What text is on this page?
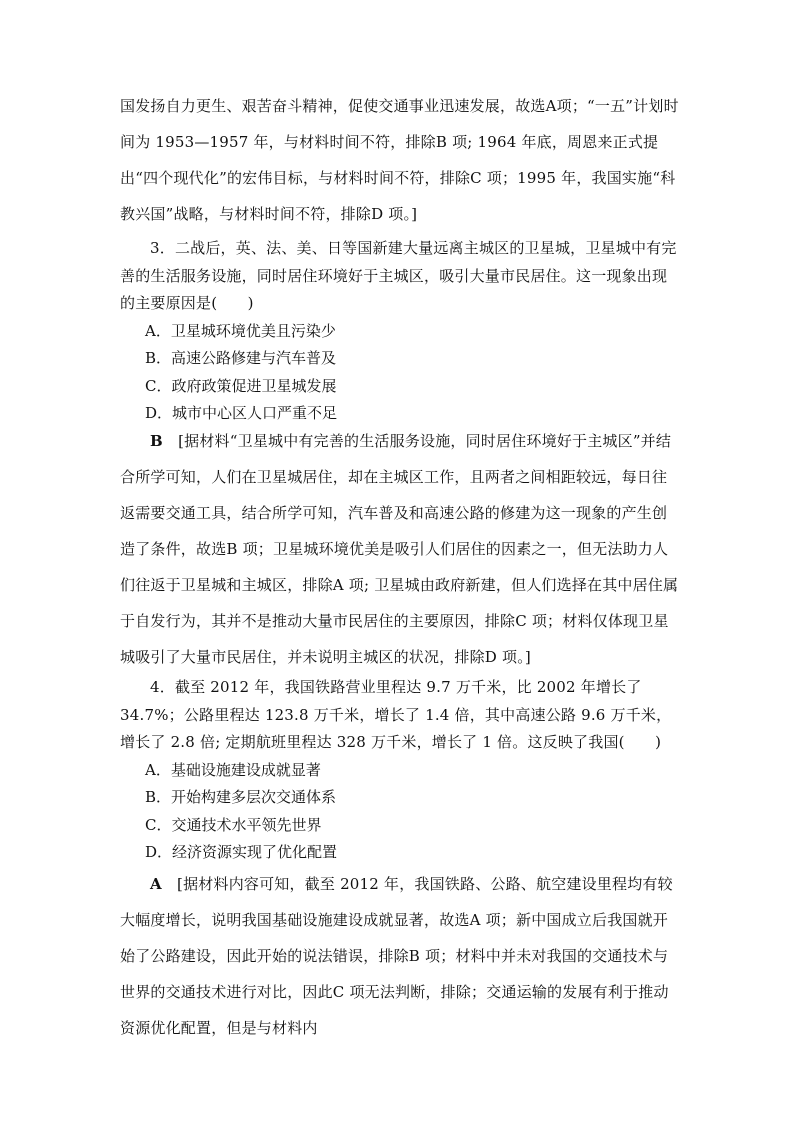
国发扬自力更生、艰苦奋斗精神，促使交通事业迅速发展，故选A项；“一五”计划时间为 1953—1957 年，与材料时间不符，排除B 项; 1964 年底，周恩来正式提出“四个现代化”的宏伟目标，与材料时间不符，排除C 项；1995 年，我国实施“科教兴国”战略，与材料时间不符，排除D 项。]

3．二战后，英、法、美、日等国新建大量远离主城区的卫星城，卫星城中有完善的生活服务设施，同时居住环境好于主城区，吸引大量市民居住。这一现象出现的主要原因是(　　)

A．卫星城环境优美且污染少

B．高速公路修建与汽车普及

C．政府政策促进卫星城发展

D．城市中心区人口严重不足

B　 [据材料“卫星城中有完善的生活服务设施，同时居住环境好于主城区”并结合所学可知，人们在卫星城居住，却在主城区工作，且两者之间相距较远，每日往返需要交通工具，结合所学可知，汽车普及和高速公路的修建为这一现象的产生创造了条件，故选B 项；卫星城环境优美是吸引人们居住的因素之一，但无法助力人们往返于卫星城和主城区，排除A 项; 卫星城由政府新建，但人们选择在其中居住属于自发行为，其并不是推动大量市民居住的主要原因，排除C 项；材料仅体现卫星城吸引了大量市民居住，并未说明主城区的状况，排除D 项。]

4．截至 2012 年，我国铁路营业里程达 9.7 万千米，比 2002 年增长了 34.7%；公路里程达 123.8 万千米，增长了 1.4 倍，其中高速公路 9.6 万千米，增长了 2.8 倍; 定期航班里程达 328 万千米，增长了 1 倍。这反映了我国(　　)

A．基础设施建设成就显著

B．开始构建多层次交通体系

C．交通技术水平领先世界

D．经济资源实现了优化配置

A　 [据材料内容可知，截至 2012 年，我国铁路、公路、航空建设里程均有较大幅度增长，说明我国基础设施建设成就显著，故选A 项；新中国成立后我国就开始了公路建设，因此开始的说法错误，排除B 项；材料中并未对我国的交通技术与世界的交通技术进行对比，因此C 项无法判断，排除；交通运输的发展有利于推动资源优化配置，但是与材料内
